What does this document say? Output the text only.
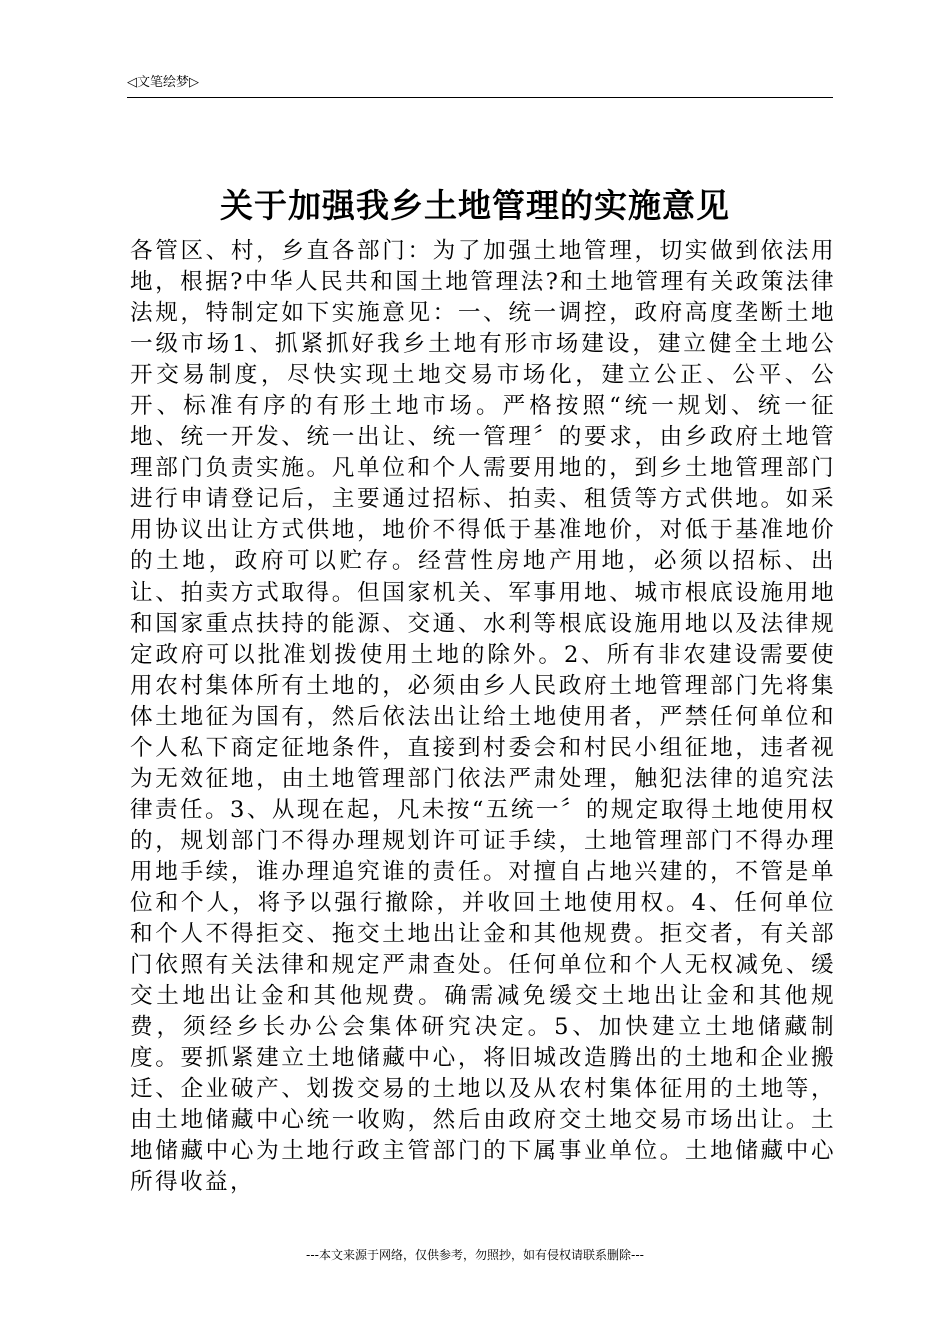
◁文笔绘梦▷
关于加强我乡土地管理的实施意见

各管区、村，乡直各部门：为了加强土地管理，切实做到依法用地，根据?中华人民共和国土地管理法?和土地管理有关政策法律法规，特制定如下实施意见：一、统一调控，政府高度垄断土地一级市场1、抓紧抓好我乡土地有形市场建设，建立健全土地公开交易制度，尽快实现土地交易市场化，建立公正、公平、公开、标准有序的有形土地市场。严格按照“统一规划、统一征地、统一开发、统一出让、统一管理〞的要求，由乡政府土地管理部门负责实施。凡单位和个人需要用地的，到乡土地管理部门进行申请登记后，主要通过招标、拍卖、租赁等方式供地。如采用协议出让方式供地，地价不得低于基准地价，对低于基准地价的土地，政府可以贮存。经营性房地产用地，必须以招标、出让、拍卖方式取得。但国家机关、军事用地、城市根底设施用地和国家重点扶持的能源、交通、水利等根底设施用地以及法律规定政府可以批准划拨使用土地的除外。2、所有非农建设需要使用农村集体所有土地的，必须由乡人民政府土地管理部门先将集体土地征为国有，然后依法出让给土地使用者，严禁任何单位和个人私下商定征地条件，直接到村委会和村民小组征地，违者视为无效征地，由土地管理部门依法严肃处理，触犯法律的追究法律责任。3、从现在起，凡未按“五统一〞的规定取得土地使用权的，规划部门不得办理规划许可证手续，土地管理部门不得办理用地手续，谁办理追究谁的责任。对擅自占地兴建的，不管是单位和个人，将予以强行撤除，并收回土地使用权。4、任何单位和个人不得拒交、拖交土地出让金和其他规费。拒交者，有关部门依照有关法律和规定严肃查处。任何单位和个人无权减免、缓交土地出让金和其他规费。确需减免缓交土地出让金和其他规费，须经乡长办公会集体研究决定。5、加快建立土地储藏制度。要抓紧建立土地储藏中心，将旧城改造腾出的土地和企业搬迁、企业破产、划拨交易的土地以及从农村集体征用的土地等，由土地储藏中心统一收购，然后由政府交土地交易市场出让。土地储藏中心为土地行政主管部门的下属事业单位。土地储藏中心所得收益，

---本文来源于网络，仅供参考，勿照抄，如有侵权请联系删除---
